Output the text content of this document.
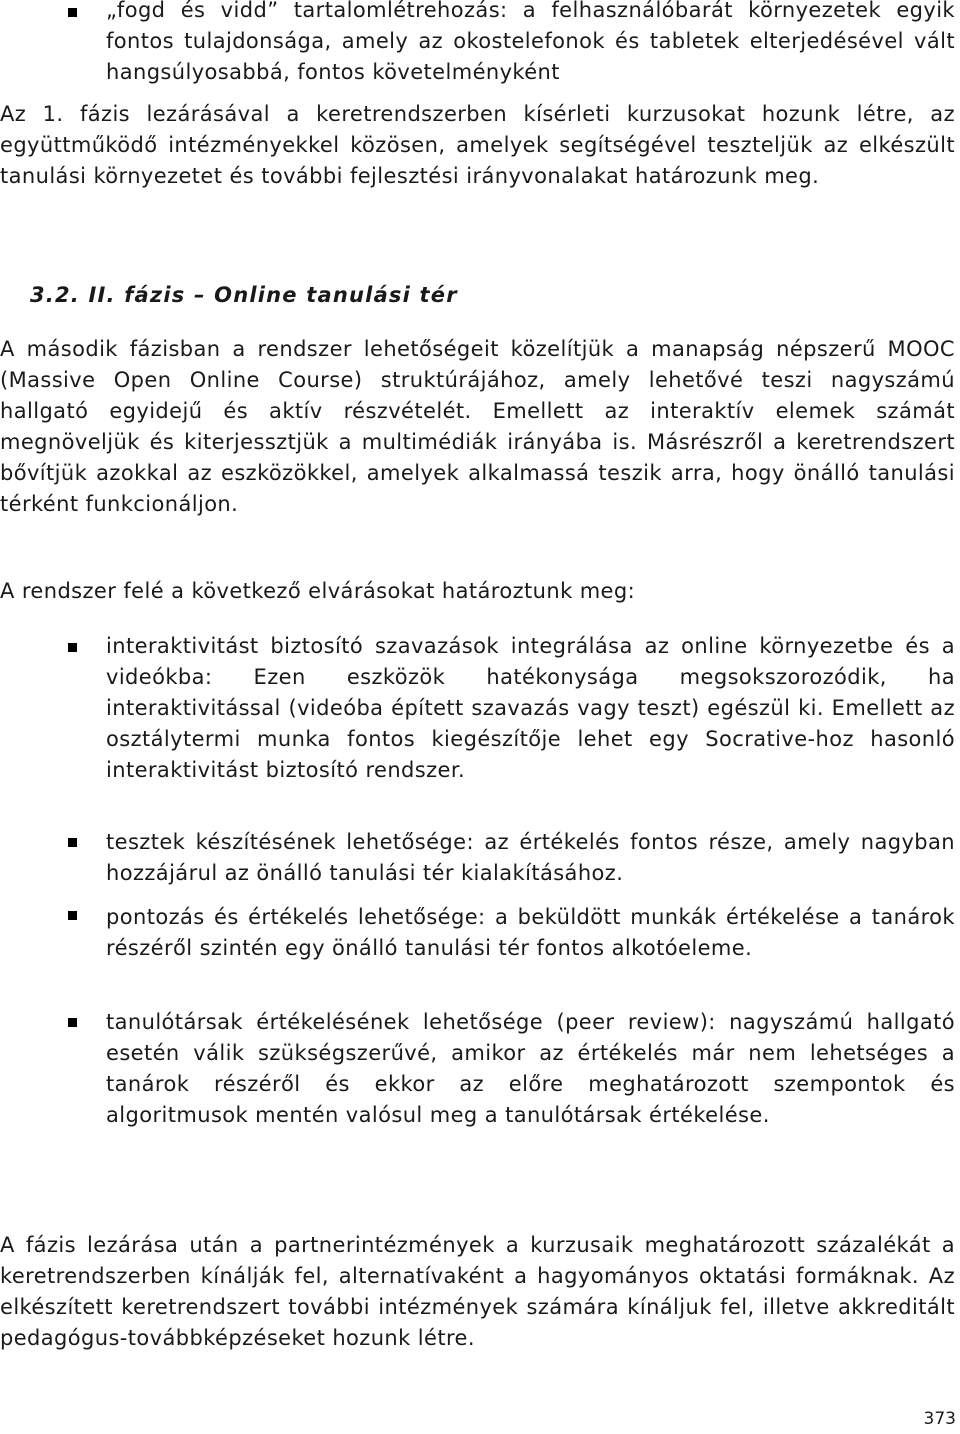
„fogd és vidd” tartalomlétrehozás: a felhasználóbarát környezetek egyik fontos tulajdonsága, amely az okostelefonok és tabletek elterjedésével vált hangsúlyosabbá, fontos követelményként

Az 1. fázis lezárásával a keretrendszerben kísérleti kurzusokat hozunk létre, az együttműködő intézményekkel közösen, amelyek segítségével teszteljük az elkészült tanulási környezetet és további fejlesztési irányvonalakat határozunk meg.

3.2. II. fázis – Online tanulási tér

A második fázisban a rendszer lehetőségeit közelítjük a manapság népszerű MOOC (Massive Open Online Course) struktúrájához, amely lehetővé teszi nagyszámú hallgató egyidejű és aktív részvételét. Emellett az interaktív elemek számát megnöveljük és kiterjessztjük a multimédiák irányába is. Másrészről a keretrendszert bővítjük azokkal az eszközökkel, amelyek alkalmassá teszik arra, hogy önálló tanulási térként funkcionáljon.

A rendszer felé a következő elvárásokat határoztunk meg:

interaktivitást biztosító szavazások integrálása az online környezetbe és a videókba: Ezen eszközök hatékonysága megsokszorozódik, ha interaktivitással (videóba épített szavazás vagy teszt) egészül ki. Emellett az osztálytermi munka fontos kiegészítője lehet egy Socrative-hoz hasonló interaktivitást biztosító rendszer.

tesztek készítésének lehetősége: az értékelés fontos része, amely nagyban hozzájárul az önálló tanulási tér kialakításához.

pontozás és értékelés lehetősége: a beküldött munkák értékelése a tanárok részéről szintén egy önálló tanulási tér fontos alkotóeleme.

tanulótársak értékelésének lehetősége (peer review): nagyszámú hallgató esetén válik szükségszerűvé, amikor az értékelés már nem lehetséges a tanárok részéről és ekkor az előre meghatározott szempontok és algoritmusok mentén valósul meg a tanulótársak értékelése.

A fázis lezárása után a partnerintézmények a kurzusaik meghatározott százalékát a keretrendszerben kínálják fel, alternatívaként a hagyományos oktatási formáknak. Az elkészített keretrendszert további intézmények számára kínáljuk fel, illetve akkreditált pedagógus-továbbképzéseket hozunk létre.

373
